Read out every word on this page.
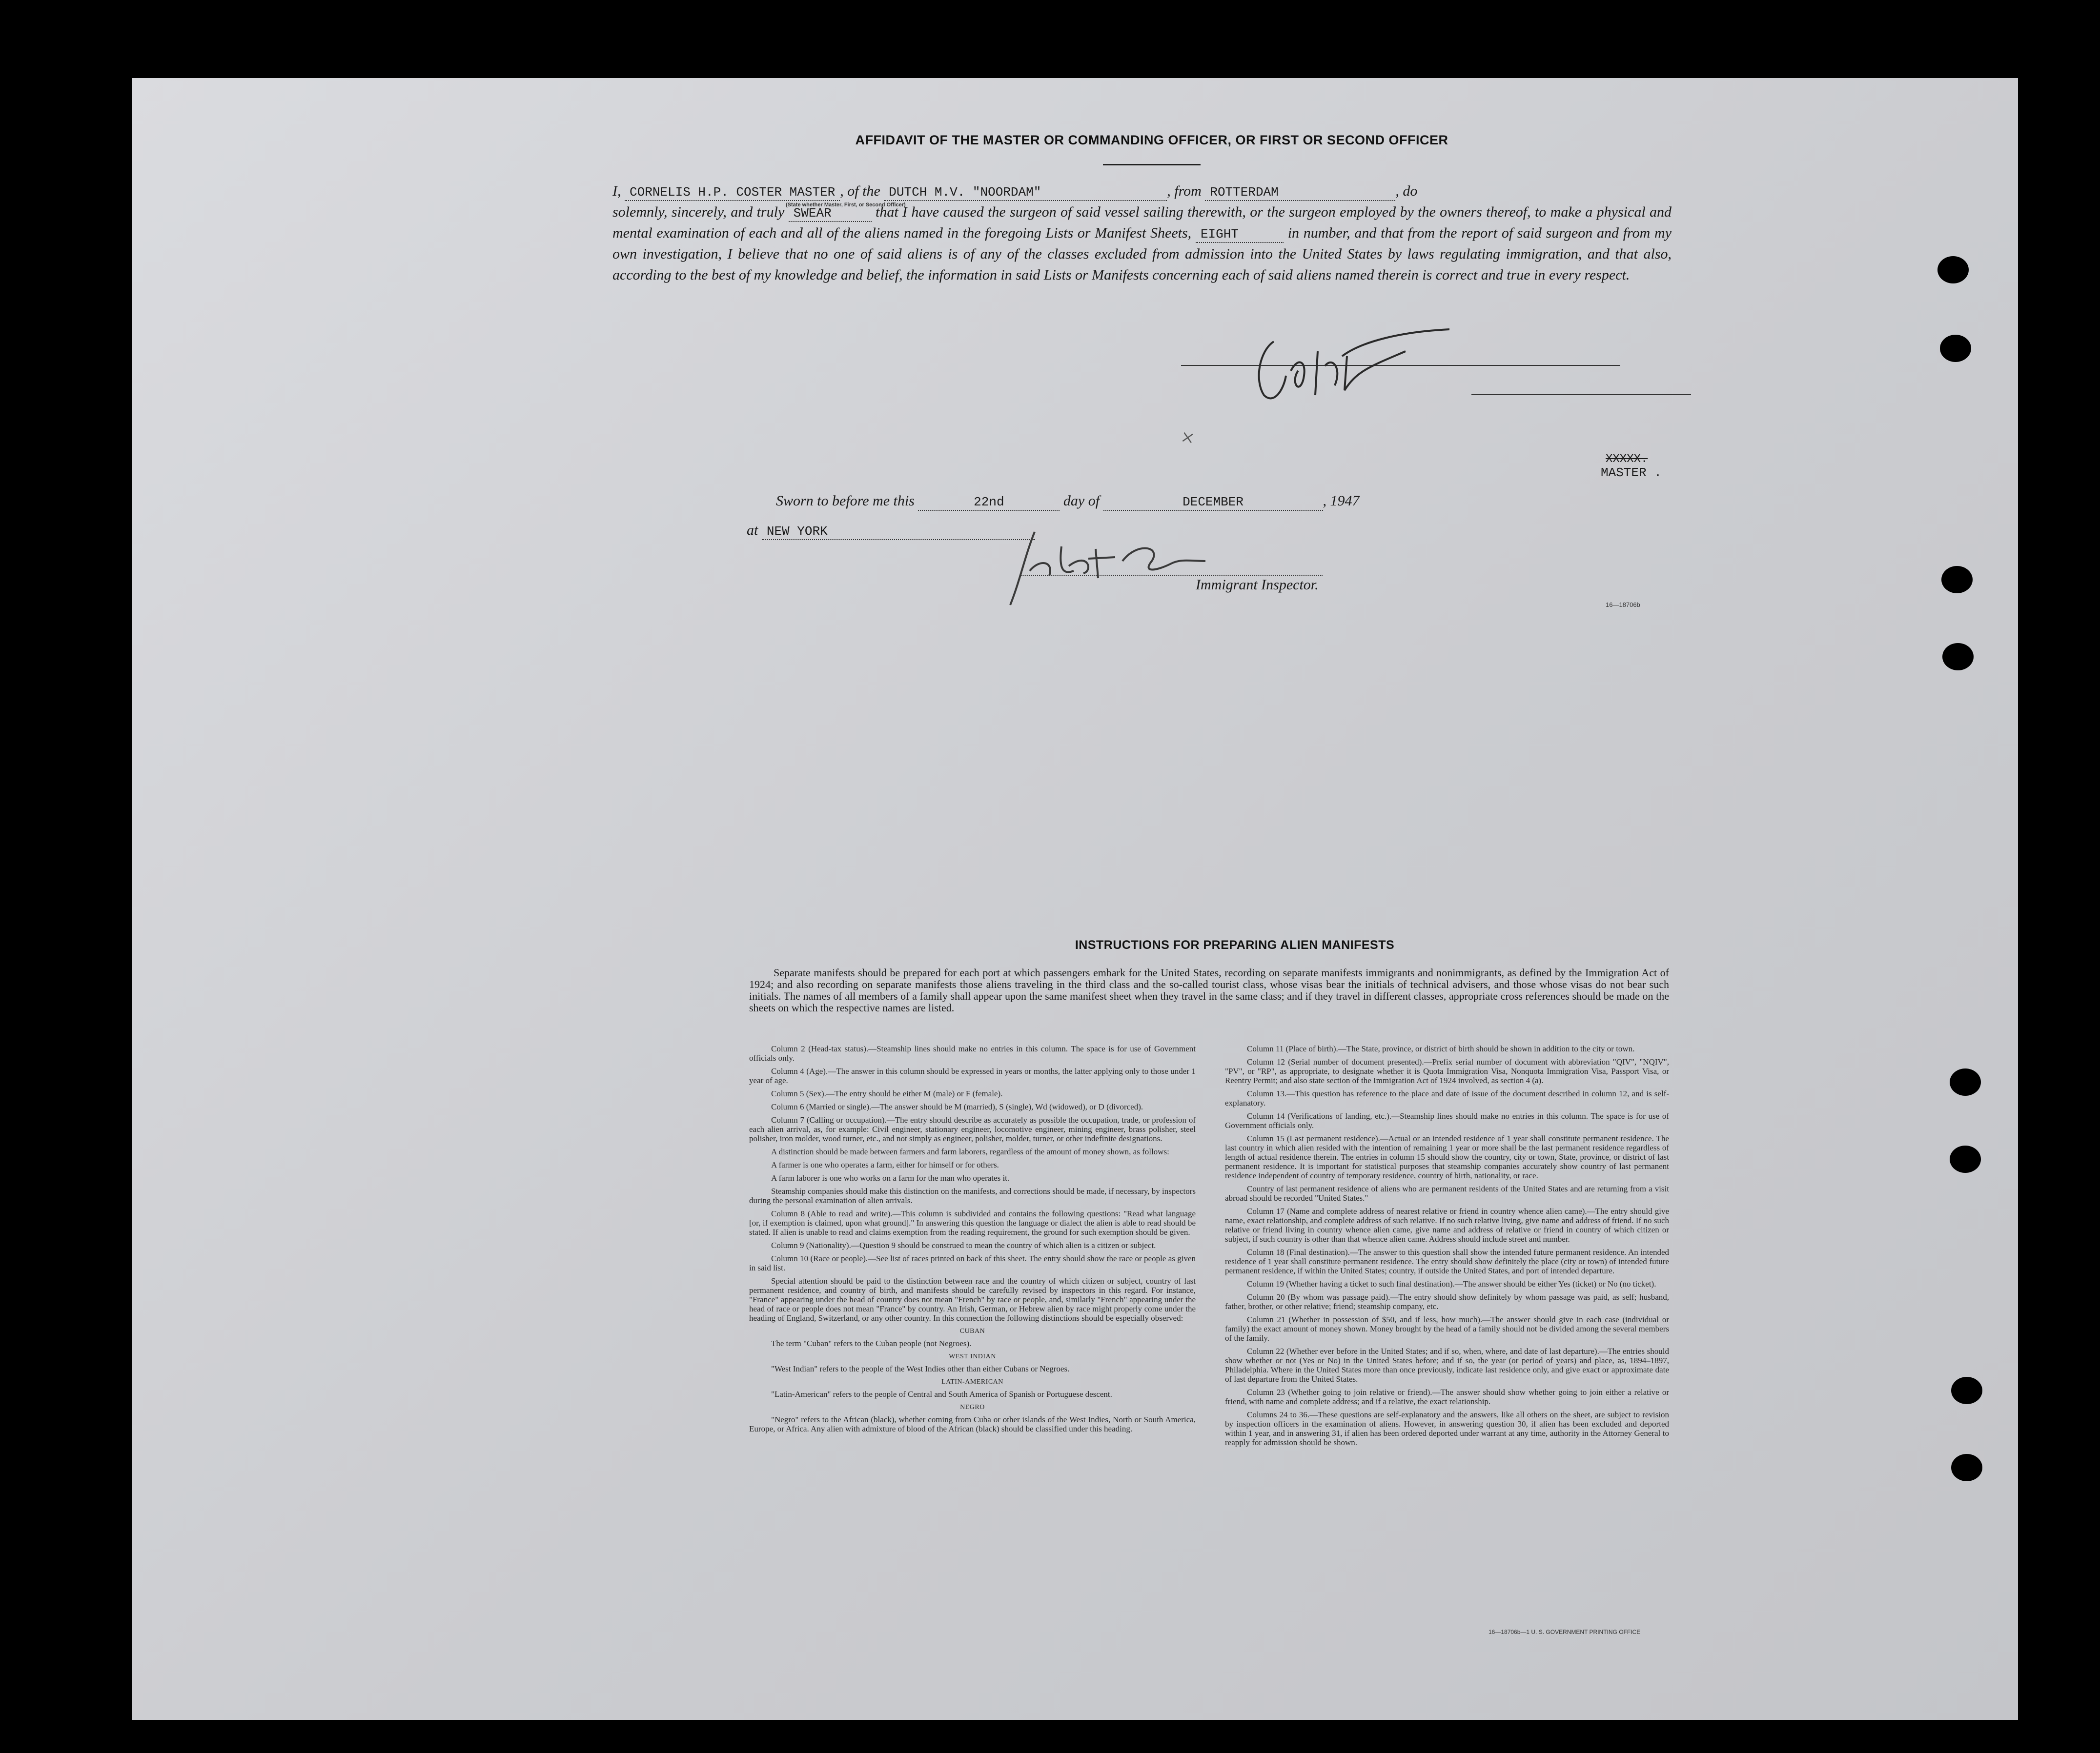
AFFIDAVIT OF THE MASTER OR COMMANDING OFFICER, OR FIRST OR SECOND OFFICER
I, CORNELIS H.P. COSTER MASTER , of the DUTCH M.V. "NOORDAM"	, from ROTTERDAM	, do
solemnly, sincerely, and truly SWEAR	that I have caused the surgeon of said vessel sailing therewith, or the surgeon employed by the owners thereof, to make a physical and mental examination of each and all of the aliens named in the foregoing Lists or Manifest Sheets, EIGHT	in number, and that from the report of said surgeon and from my own investigation, I believe that no one of said aliens is of any of the classes excluded from admission into the United States by laws regulating immigration, and that also, according to the best of my knowledge and belief, the information in said Lists or Manifests concerning each of said aliens named therein is correct and true in every respect.
(State whether Master, First, or Second Officer)
×
XXXXX.
MASTER .
Sworn to before me this	22nd	day of	DECEMBER	, 1947
at NEW YORK
Immigrant Inspector.
16—18706b
INSTRUCTIONS FOR PREPARING ALIEN MANIFESTS
Separate manifests should be prepared for each port at which passengers embark for the United States, recording on separate manifests immigrants and nonimmigrants, as defined by the Immigration Act of 1924; and also recording on separate manifests those aliens traveling in the third class and the so-called tourist class, whose visas bear the initials of technical advisers, and those whose visas do not bear such initials. The names of all members of a family shall appear upon the same manifest sheet when they travel in the same class; and if they travel in different classes, appropriate cross references should be made on the sheets on which the respective names are listed.

Column 2 (Head-tax status).—Steamship lines should make no entries in this column. The space is for use of Government officials only.

Column 4 (Age).—The answer in this column should be expressed in years or months, the latter applying only to those under 1 year of age.

Column 5 (Sex).—The entry should be either M (male) or F (female).

Column 6 (Married or single).—The answer should be M (married), S (single), Wd (widowed), or D (divorced).

Column 7 (Calling or occupation).—The entry should describe as accurately as possible the occupation, trade, or profession of each alien arrival, as, for example: Civil engineer, stationary engineer, locomotive engineer, mining engineer, brass polisher, steel polisher, iron molder, wood turner, etc., and not simply as engineer, polisher, molder, turner, or other indefinite designations.

A distinction should be made between farmers and farm laborers, regardless of the amount of money shown, as follows:

A farmer is one who operates a farm, either for himself or for others.

A farm laborer is one who works on a farm for the man who operates it.

Steamship companies should make this distinction on the manifests, and corrections should be made, if necessary, by inspectors during the personal examination of alien arrivals.

Column 8 (Able to read and write).—This column is subdivided and contains the following questions: "Read what language [or, if exemption is claimed, upon what ground]." In answering this question the language or dialect the alien is able to read should be stated. If alien is unable to read and claims exemption from the reading requirement, the ground for such exemption should be given.

Column 9 (Nationality).—Question 9 should be construed to mean the country of which alien is a citizen or subject.

Column 10 (Race or people).—See list of races printed on back of this sheet. The entry should show the race or people as given in said list.

Special attention should be paid to the distinction between race and the country of which citizen or subject, country of last permanent residence, and country of birth, and manifests should be carefully revised by inspectors in this regard. For instance, "France" appearing under the head of country does not mean "French" by race or people, and, similarly "French" appearing under the head of race or people does not mean "France" by country. An Irish, German, or Hebrew alien by race might properly come under the heading of England, Switzerland, or any other country. In this connection the following distinctions should be especially observed:

CUBAN

The term "Cuban" refers to the Cuban people (not Negroes).

WEST INDIAN

"West Indian" refers to the people of the West Indies other than either Cubans or Negroes.

LATIN-AMERICAN

"Latin-American" refers to the people of Central and South America of Spanish or Portuguese descent.

NEGRO

"Negro" refers to the African (black), whether coming from Cuba or other islands of the West Indies, North or South America, Europe, or Africa. Any alien with admixture of blood of the African (black) should be classified under this heading.

Column 11 (Place of birth).—The State, province, or district of birth should be shown in addition to the city or town.

Column 12 (Serial number of document presented).—Prefix serial number of document with abbreviation "QIV", "NQIV", "PV", or "RP", as appropriate, to designate whether it is Quota Immigration Visa, Nonquota Immigration Visa, Passport Visa, or Reentry Permit; and also state section of the Immigration Act of 1924 involved, as section 4 (a).

Column 13.—This question has reference to the place and date of issue of the document described in column 12, and is self-explanatory.

Column 14 (Verifications of landing, etc.).—Steamship lines should make no entries in this column. The space is for use of Government officials only.

Column 15 (Last permanent residence).—Actual or an intended residence of 1 year shall constitute permanent residence. The last country in which alien resided with the intention of remaining 1 year or more shall be the last permanent residence regardless of length of actual residence therein. The entries in column 15 should show the country, city or town, State, province, or district of last permanent residence. It is important for statistical purposes that steamship companies accurately show country of last permanent residence independent of country of temporary residence, country of birth, nationality, or race.

Country of last permanent residence of aliens who are permanent residents of the United States and are returning from a visit abroad should be recorded "United States."

Column 17 (Name and complete address of nearest relative or friend in country whence alien came).—The entry should give name, exact relationship, and complete address of such relative. If no such relative living, give name and address of friend. If no such relative or friend living in country whence alien came, give name and address of relative or friend in country of which citizen or subject, if such country is other than that whence alien came. Address should include street and number.

Column 18 (Final destination).—The answer to this question shall show the intended future permanent residence. An intended residence of 1 year shall constitute permanent residence. The entry should show definitely the place (city or town) of intended future permanent residence, if within the United States; country, if outside the United States, and port of intended departure.

Column 19 (Whether having a ticket to such final destination).—The answer should be either Yes (ticket) or No (no ticket).

Column 20 (By whom was passage paid).—The entry should show definitely by whom passage was paid, as self; husband, father, brother, or other relative; friend; steamship company, etc.

Column 21 (Whether in possession of $50, and if less, how much).—The answer should give in each case (individual or family) the exact amount of money shown. Money brought by the head of a family should not be divided among the several members of the family.

Column 22 (Whether ever before in the United States; and if so, when, where, and date of last departure).—The entries should show whether or not (Yes or No) in the United States before; and if so, the year (or period of years) and place, as, 1894–1897, Philadelphia. Where in the United States more than once previously, indicate last residence only, and give exact or approximate date of last departure from the United States.

Column 23 (Whether going to join relative or friend).—The answer should show whether going to join either a relative or friend, with name and complete address; and if a relative, the exact relationship.

Columns 24 to 36.—These questions are self-explanatory and the answers, like all others on the sheet, are subject to revision by inspection officers in the examination of aliens. However, in answering question 30, if alien has been excluded and deported within 1 year, and in answering 31, if alien has been ordered deported under warrant at any time, authority in the Attorney General to reapply for admission should be shown.

16—18706b—1 U. S. GOVERNMENT PRINTING OFFICE
